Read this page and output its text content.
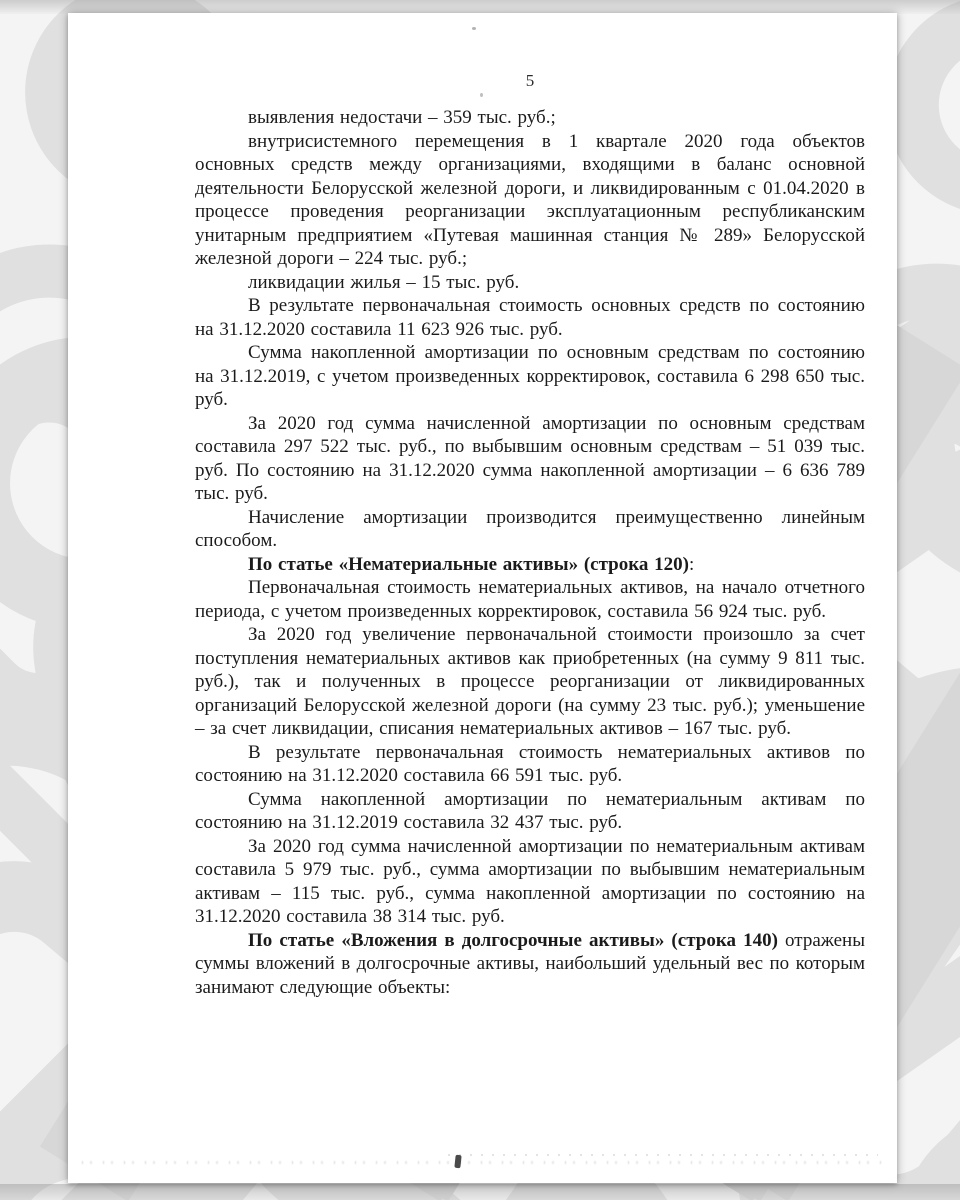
5

выявления недостачи – 359 тыс. руб.;

внутрисистемного перемещения в 1 квартале 2020 года объектов основных средств между организациями, входящими в баланс основной деятельности Белорусской железной дороги, и ликвидированным с 01.04.2020 в процессе проведения реорганизации эксплуатационным республиканским унитарным предприятием «Путевая машинная станция № 289» Белорусской железной дороги – 224 тыс. руб.;

ликвидации жилья – 15 тыс. руб.

В результате первоначальная стоимость основных средств по состоянию на 31.12.2020 составила 11 623 926 тыс. руб.

Сумма накопленной амортизации по основным средствам по состоянию на 31.12.2019, с учетом произведенных корректировок, составила 6 298 650 тыс. руб.

За 2020 год сумма начисленной амортизации по основным средствам составила 297 522 тыс. руб., по выбывшим основным средствам – 51 039 тыс. руб. По состоянию на 31.12.2020 сумма накопленной амортизации – 6 636 789 тыс. руб.

Начисление амортизации производится преимущественно линейным способом.

По статье «Нематериальные активы» (строка 120):

Первоначальная стоимость нематериальных активов, на начало отчетного периода, с учетом произведенных корректировок, составила 56 924 тыс. руб.

За 2020 год увеличение первоначальной стоимости произошло за счет поступления нематериальных активов как приобретенных (на сумму 9 811 тыс. руб.), так и полученных в процессе реорганизации от ликвидированных организаций Белорусской железной дороги (на сумму 23 тыс. руб.); уменьшение – за счет ликвидации, списания нематериальных активов – 167 тыс. руб.

В результате первоначальная стоимость нематериальных активов по состоянию на 31.12.2020 составила 66 591 тыс. руб.

Сумма накопленной амортизации по нематериальным активам по состоянию на 31.12.2019 составила 32 437 тыс. руб.

За 2020 год сумма начисленной амортизации по нематериальным активам составила 5 979 тыс. руб., сумма амортизации по выбывшим нематериальным активам – 115 тыс. руб., сумма накопленной амортизации по состоянию на 31.12.2020 составила 38 314 тыс. руб.

По статье «Вложения в долгосрочные активы» (строка 140) отражены суммы вложений в долгосрочные активы, наибольший удельный вес по которым занимают следующие объекты:
